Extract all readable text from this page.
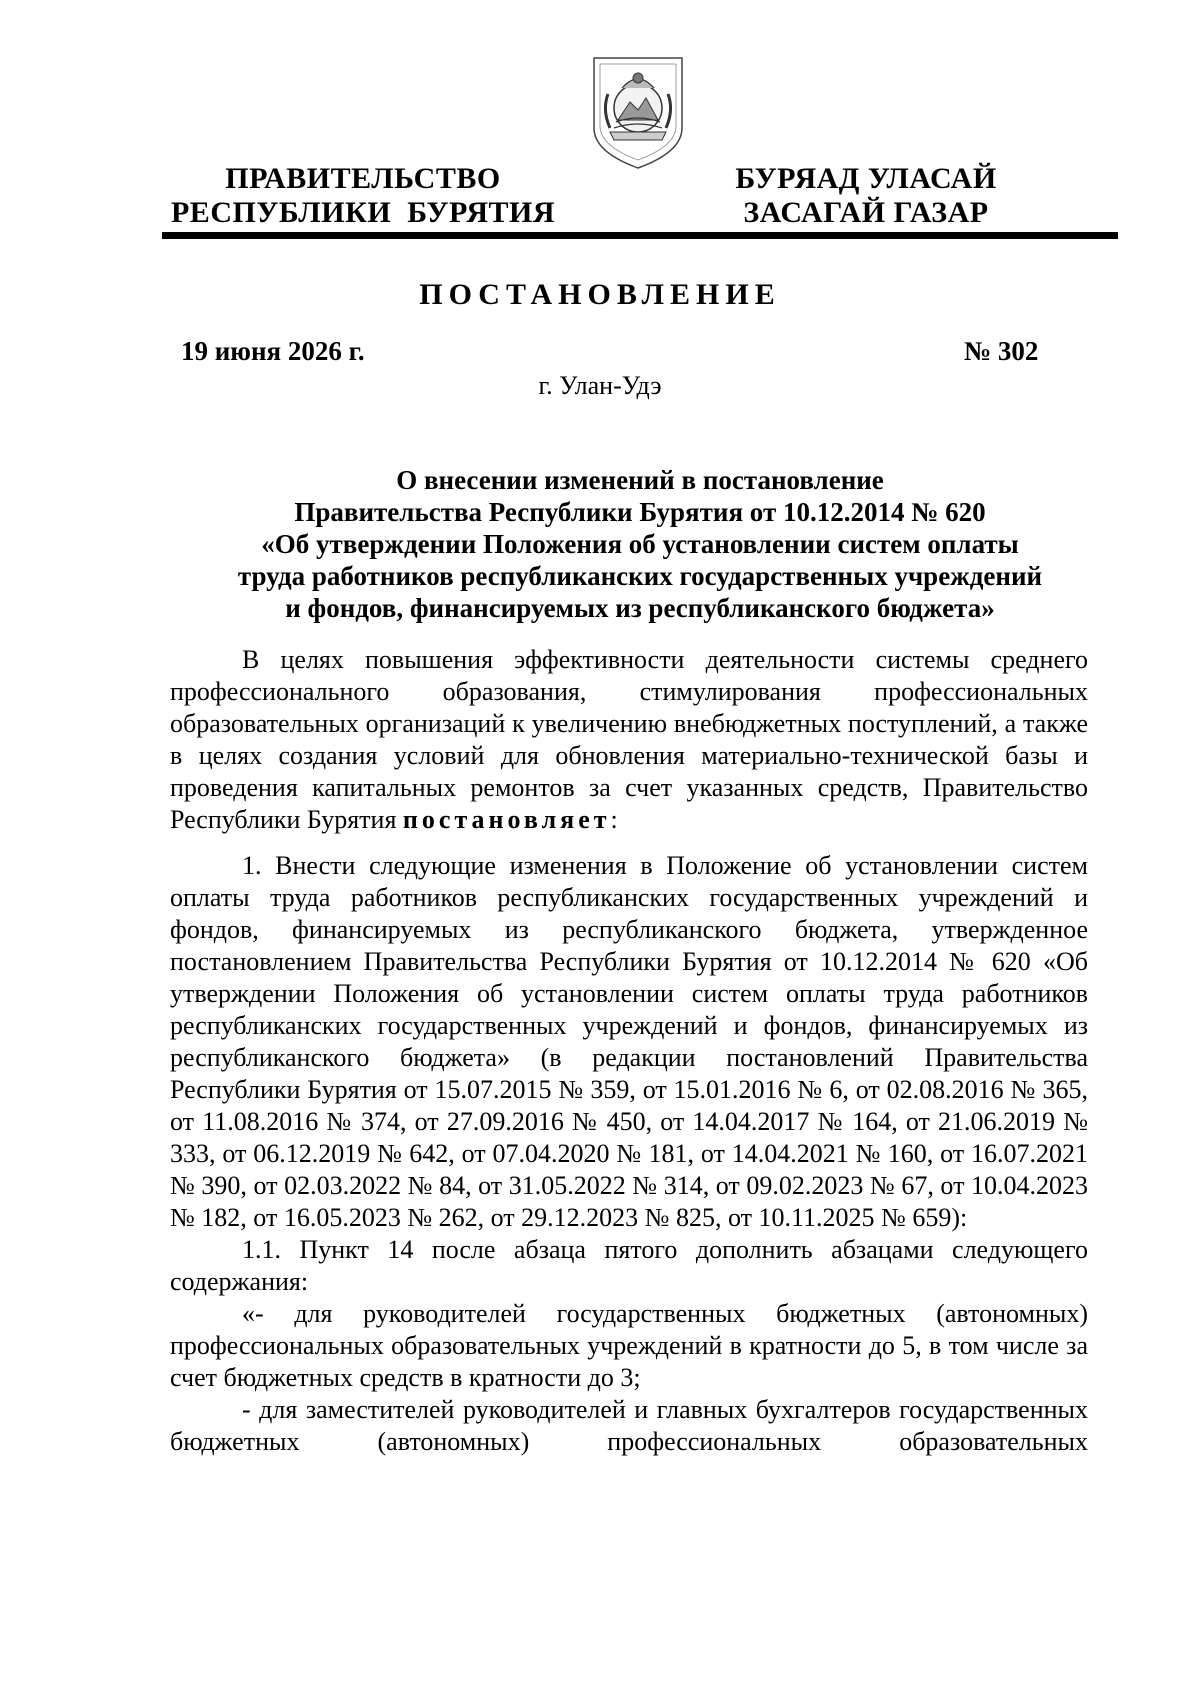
ПРАВИТЕЛЬСТВО
РЕСПУБЛИКИ  БУРЯТИЯ
БУРЯАД УЛАСАЙ
ЗАСАГАЙ ГАЗАР
ПОСТАНОВЛЕНИЕ
19 июня 2026 г.	№ 302
г. Улан-Удэ
О внесении изменений в постановление
Правительства Республики Бурятия от 10.12.2014 № 620
«Об утверждении Положения об установлении систем оплаты
труда работников республиканских государственных учреждений
и фондов, финансируемых из республиканского бюджета»

В целях повышения эффективности деятельности системы среднего профессионального образования, стимулирования профессиональных образовательных организаций к увеличению внебюджетных поступлений, а также в целях создания условий для обновления материально-технической базы и проведения капитальных ремонтов за счет указанных средств, Правительство Республики Бурятия постановляет:

1. Внести следующие изменения в Положение об установлении систем оплаты труда работников республиканских государственных учреждений и фондов, финансируемых из республиканского бюджета, утвержденное постановлением Правительства Республики Бурятия от 10.12.2014 № 620 «Об утверждении Положения об установлении систем оплаты труда работников республиканских государственных учреждений и фондов, финансируемых из республиканского бюджета» (в редакции постановлений Правительства Республики Бурятия от 15.07.2015 № 359, от 15.01.2016 № 6, от 02.08.2016 № 365, от 11.08.2016 № 374, от 27.09.2016 № 450, от 14.04.2017 № 164, от 21.06.2019 № 333, от 06.12.2019 № 642, от 07.04.2020 № 181, от 14.04.2021 № 160, от 16.07.2021 № 390, от 02.03.2022 № 84, от 31.05.2022 № 314, от 09.02.2023 № 67, от 10.04.2023 № 182, от 16.05.2023 № 262, от 29.12.2023 № 825, от 10.11.2025 № 659):

1.1. Пункт 14 после абзаца пятого дополнить абзацами следующего содержания:

«- для руководителей государственных бюджетных (автономных) профессиональных образовательных учреждений в кратности до 5, в том числе за счет бюджетных средств в кратности до 3;

- для заместителей руководителей и главных бухгалтеров государственных бюджетных (автономных) профессиональных образовательных
